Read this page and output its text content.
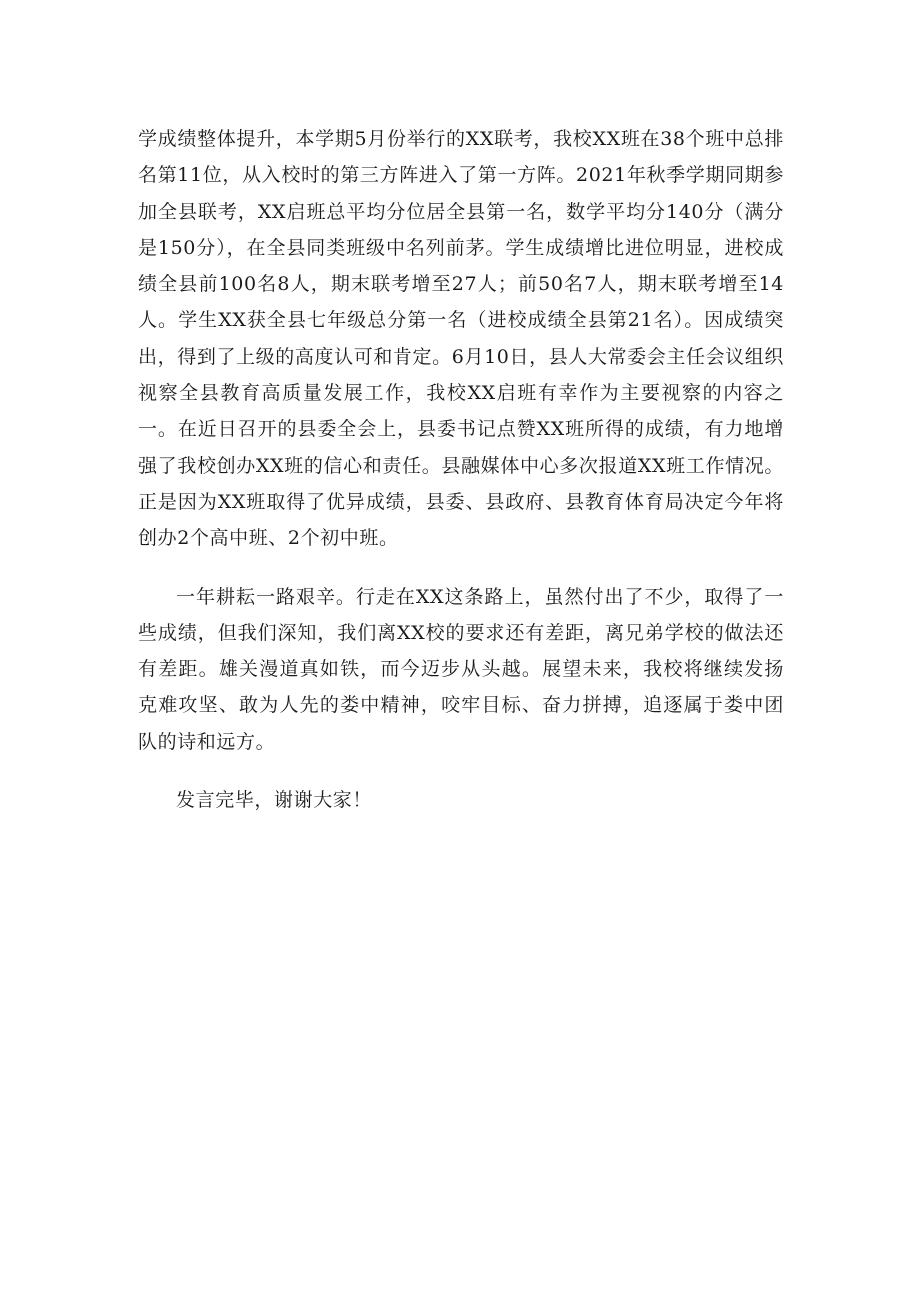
学成绩整体提升，本学期5月份举行的XX联考，我校XX班在38个班中总排名第11位，从入校时的第三方阵进入了第一方阵。2021年秋季学期同期参加全县联考，XX启班总平均分位居全县第一名，数学平均分140分（满分是150分），在全县同类班级中名列前茅。学生成绩增比进位明显，进校成绩全县前100名8人，期末联考增至27人；前50名7人，期末联考增至14人。学生XX获全县七年级总分第一名（进校成绩全县第21名）。因成绩突出，得到了上级的高度认可和肯定。6月10日，县人大常委会主任会议组织视察全县教育高质量发展工作，我校XX启班有幸作为主要视察的内容之一。在近日召开的县委全会上，县委书记点赞XX班所得的成绩，有力地增强了我校创办XX班的信心和责任。县融媒体中心多次报道XX班工作情况。正是因为XX班取得了优异成绩，县委、县政府、县教育体育局决定今年将创办2个高中班、2个初中班。

一年耕耘一路艰辛。行走在XX这条路上，虽然付出了不少，取得了一些成绩，但我们深知，我们离XX校的要求还有差距，离兄弟学校的做法还有差距。雄关漫道真如铁，而今迈步从头越。展望未来，我校将继续发扬克难攻坚、敢为人先的娄中精神，咬牢目标、奋力拼搏，追逐属于娄中团队的诗和远方。

发言完毕，谢谢大家！
